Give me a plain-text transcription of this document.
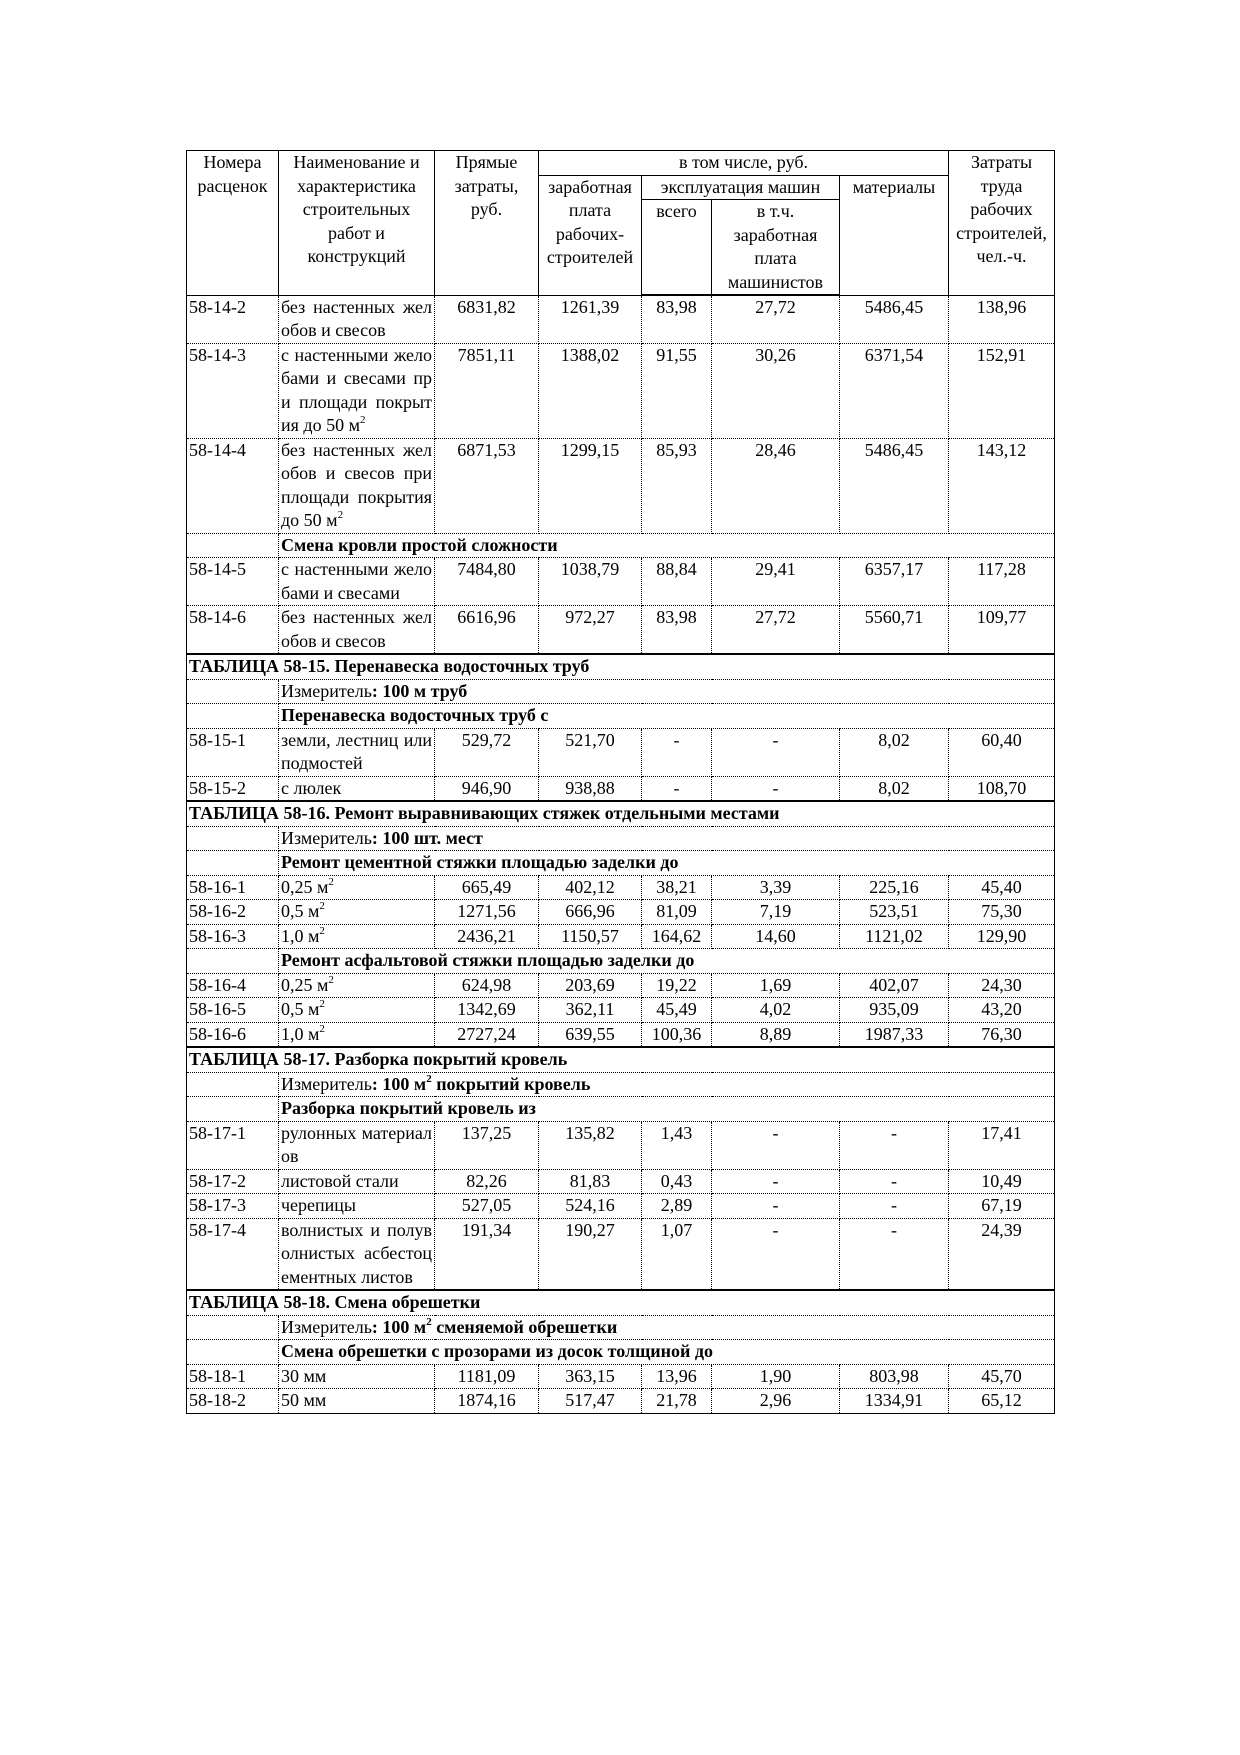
Номера расценок	Наименование и характеристика строительных работ и конструкций	Прямые затраты, руб.	в том числе, руб.				Затраты труда рабочих строителей, чел.-ч.
			заработная плата рабочих-строителей	эксплуатация машин		материалы	
				всего	в т.ч. заработная плата машинистов		
58-14-2	без настенных желобов и свесов	6831,82	1261,39	83,98	27,72	5486,45	138,96
58-14-3	с настенными желобами и свесами при площади покрытия до 50 $м^2$	7851,11	1388,02	91,55	30,26	6371,54	152,91
58-14-4	без настенных желобов и свесов при площади покрытия до 50 $м^2$	6871,53	1299,15	85,93	28,46	5486,45	143,12
	Смена кровли простой сложности						
58-14-5	с настенными желобами и свесами	7484,80	1038,79	88,84	29,41	6357,17	117,28
58-14-6	без настенных желобов и свесов	6616,96	972,27	83,98	27,72	5560,71	109,77
ТАБЛИЦА 58-15. Перенавеска водосточных труб							
	Измеритель: 100 м труб						
	Перенавеска водосточных труб с						
58-15-1	земли, лестниц или подмостей	529,72	521,70	-	-	8,02	60,40
58-15-2	с люлек	946,90	938,88	-	-	8,02	108,70
ТАБЛИЦА 58-16. Ремонт выравнивающих стяжек отдельными местами							
	Измеритель: 100 шт. мест						
	Ремонт цементной стяжки площадью заделки до						
58-16-1	0,25 $м^2$	665,49	402,12	38,21	3,39	225,16	45,40
58-16-2	0,5 $м^2$	1271,56	666,96	81,09	7,19	523,51	75,30
58-16-3	1,0 $м^2$	2436,21	1150,57	164,62	14,60	1121,02	129,90
	Ремонт асфальтовой стяжки площадью заделки до						
58-16-4	0,25 $м^2$	624,98	203,69	19,22	1,69	402,07	24,30
58-16-5	0,5 $м^2$	1342,69	362,11	45,49	4,02	935,09	43,20
58-16-6	1,0 $м^2$	2727,24	639,55	100,36	8,89	1987,33	76,30
ТАБЛИЦА 58-17. Разборка покрытий кровель							
	Измеритель: 100 $м^2$ покрытий кровель						
	Разборка покрытий кровель из						
58-17-1	рулонных материалов	137,25	135,82	1,43	-	-	17,41
58-17-2	листовой стали	82,26	81,83	0,43	-	-	10,49
58-17-3	черепицы	527,05	524,16	2,89	-	-	67,19
58-17-4	волнистых и полуволнистых асбестоцементных листов	191,34	190,27	1,07	-	-	24,39
ТАБЛИЦА 58-18. Смена обрешетки							
	Измеритель: 100 $м^2$ сменяемой обрешетки						
	Смена обрешетки с прозорами из досок толщиной до						
58-18-1	30 мм	1181,09	363,15	13,96	1,90	803,98	45,70
58-18-2	50 мм	1874,16	517,47	21,78	2,96	1334,91	65,12
